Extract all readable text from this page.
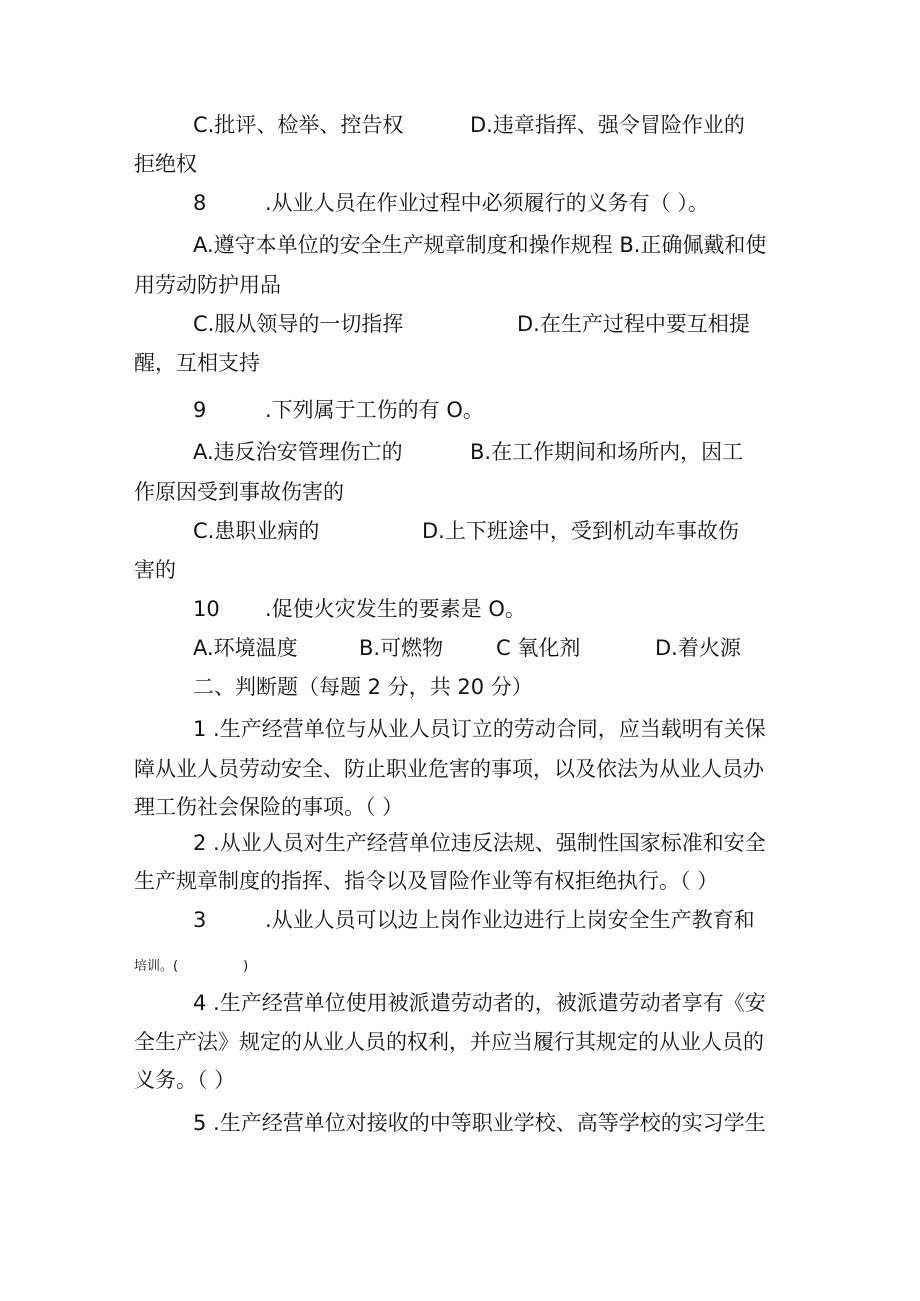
C.批评、检举、控告权	D.违章指挥、强令冒险作业的
拒绝权
8	.从业人员在作业过程中必须履行的义务有（ ）。
A.遵守本单位的安全生产规章制度和操作规程 B.正确佩戴和使
用劳动防护用品
C.服从领导的一切指挥	D.在生产过程中要互相提
醒，互相支持
9	.下列属于工伤的有 O。
A.违反治安管理伤亡的	B.在工作期间和场所内，因工
作原因受到事故伤害的
C.患职业病的	D.上下班途中，受到机动车事故伤
害的
10 .促使火灾发生的要素是 O。
A.环境温度	B.可燃物	C 氧化剂	D.着火源
二、判断题（每题 2 分，共 20 分）
1 .生产经营单位与从业人员订立的劳动合同，应当载明有关保
障从业人员劳动安全、防止职业危害的事项，以及依法为从业人员办
理工伤社会保险的事项。（ ）
2 .从业人员对生产经营单位违反法规、强制性国家标准和安全
生产规章制度的指挥、指令以及冒险作业等有权拒绝执行。（ ）
3	.从业人员可以边上岗作业边进行上岗安全生产教育和
培训。(　　　　　)
4 .生产经营单位使用被派遣劳动者的，被派遣劳动者享有《安
全生产法》规定的从业人员的权利，并应当履行其规定的从业人员的
义务。（ ）
5 .生产经营单位对接收的中等职业学校、高等学校的实习学生
